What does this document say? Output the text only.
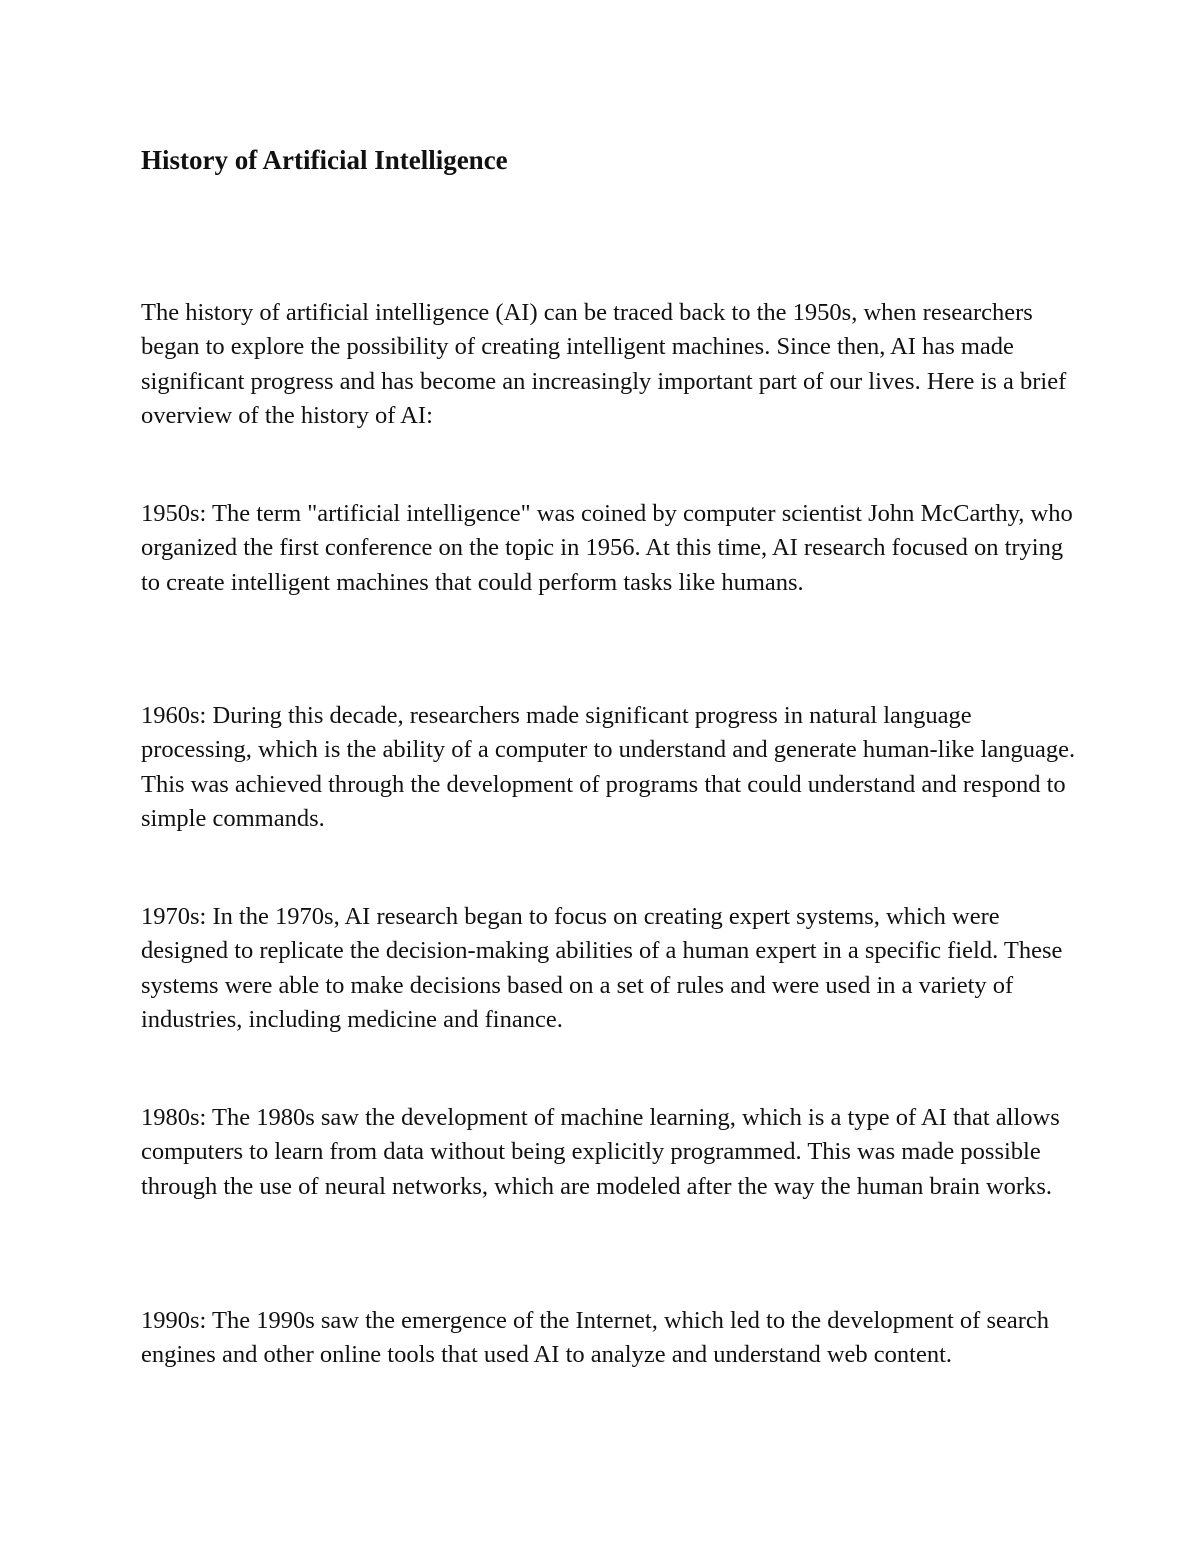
History of Artificial Intelligence

The history of artificial intelligence (AI) can be traced back to the 1950s, when researchers began to explore the possibility of creating intelligent machines. Since then, AI has made significant progress and has become an increasingly important part of our lives. Here is a brief overview of the history of AI:

1950s: The term "artificial intelligence" was coined by computer scientist John McCarthy, who organized the first conference on the topic in 1956. At this time, AI research focused on trying to create intelligent machines that could perform tasks like humans.

1960s: During this decade, researchers made significant progress in natural language processing, which is the ability of a computer to understand and generate human-like language. This was achieved through the development of programs that could understand and respond to simple commands.

1970s: In the 1970s, AI research began to focus on creating expert systems, which were designed to replicate the decision-making abilities of a human expert in a specific field. These systems were able to make decisions based on a set of rules and were used in a variety of industries, including medicine and finance.

1980s: The 1980s saw the development of machine learning, which is a type of AI that allows computers to learn from data without being explicitly programmed. This was made possible through the use of neural networks, which are modeled after the way the human brain works.

1990s: The 1990s saw the emergence of the Internet, which led to the development of search engines and other online tools that used AI to analyze and understand web content.
